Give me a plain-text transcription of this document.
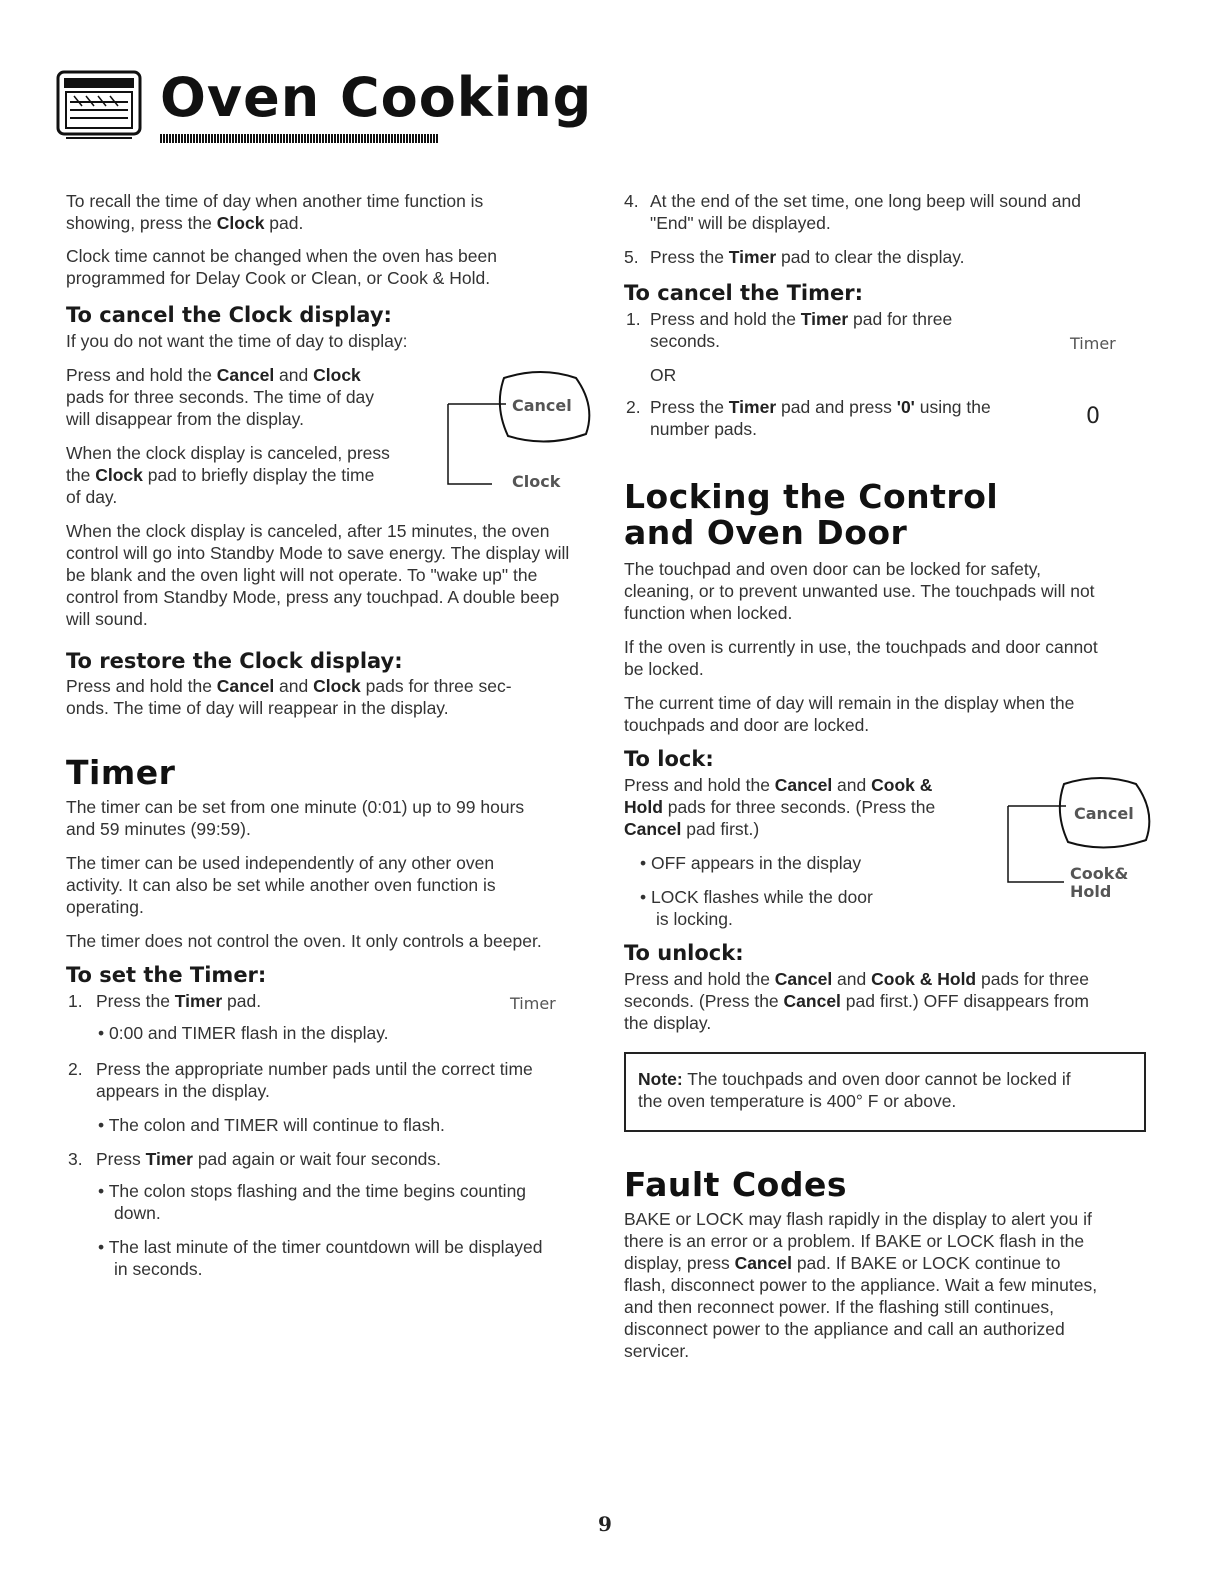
Oven Cooking

To recall the time of day when another time function is

showing, press the Clock pad.

Clock time cannot be changed when the oven has been

programmed for Delay Cook or Clean, or Cook & Hold.

To cancel the Clock display:
If you do not want the time of day to display:

Press and hold the Cancel and Clock

pads for three seconds. The time of day

will disappear from the display.

When the clock display is canceled, press

the Clock pad to briefly display the time

of day.

Cancel
Clock

When the clock display is canceled, after 15 minutes, the oven

control will go into Standby Mode to save energy. The display will

be blank and the oven light will not operate. To "wake up" the

control from Standby Mode, press any touchpad. A double beep

will sound.

To restore the Clock display:

Press and hold the Cancel and Clock pads for three sec-

onds. The time of day will reappear in the display.

Timer

The timer can be set from one minute (0:01) up to 99 hours

and 59 minutes (99:59).

The timer can be used independently of any other oven

activity. It can also be set while another oven function is

operating.

The timer does not control the oven. It only controls a beeper.
To set the Timer:
Timer
1. Press the Timer pad.
• 0:00 and TIMER flash in the display.
2. Press the appropriate number pads until the correct time

appears in the display.

• The colon and TIMER will continue to flash.
3. Press Timer pad again or wait four seconds.

• The colon stops flashing and the time begins counting

down.

• The last minute of the timer countdown will be displayed

in seconds.

4. At the end of the set time, one long beep will sound and

"End" will be displayed.

5. Press the Timer pad to clear the display.
To cancel the Timer:
1. Press and hold the Timer pad for three

seconds.

OR
2. Press the Timer pad and press '0' using the

number pads.

Timer
0
Locking the Control
and Oven Door

The touchpad and oven door can be locked for safety,

cleaning, or to prevent unwanted use. The touchpads will not

function when locked.

If the oven is currently in use, the touchpads and door cannot

be locked.

The current time of day will remain in the display when the

touchpads and door are locked.

To lock:

Press and hold the Cancel and Cook &

Hold pads for three seconds. (Press the

Cancel pad first.)

• OFF appears in the display

• LOCK flashes while the door

is locking.

Cancel
Cook&
Hold
To unlock:

Press and hold the Cancel and Cook & Hold pads for three

seconds. (Press the Cancel pad first.) OFF disappears from

the display.

Note: The touchpads and oven door cannot be locked if

the oven temperature is 400° F or above.

Fault Codes

BAKE or LOCK may flash rapidly in the display to alert you if

there is an error or a problem. If BAKE or LOCK flash in the

display, press Cancel pad. If BAKE or LOCK continue to

flash, disconnect power to the appliance. Wait a few minutes,

and then reconnect power. If the flashing still continues,

disconnect power to the appliance and call an authorized

servicer.

9
